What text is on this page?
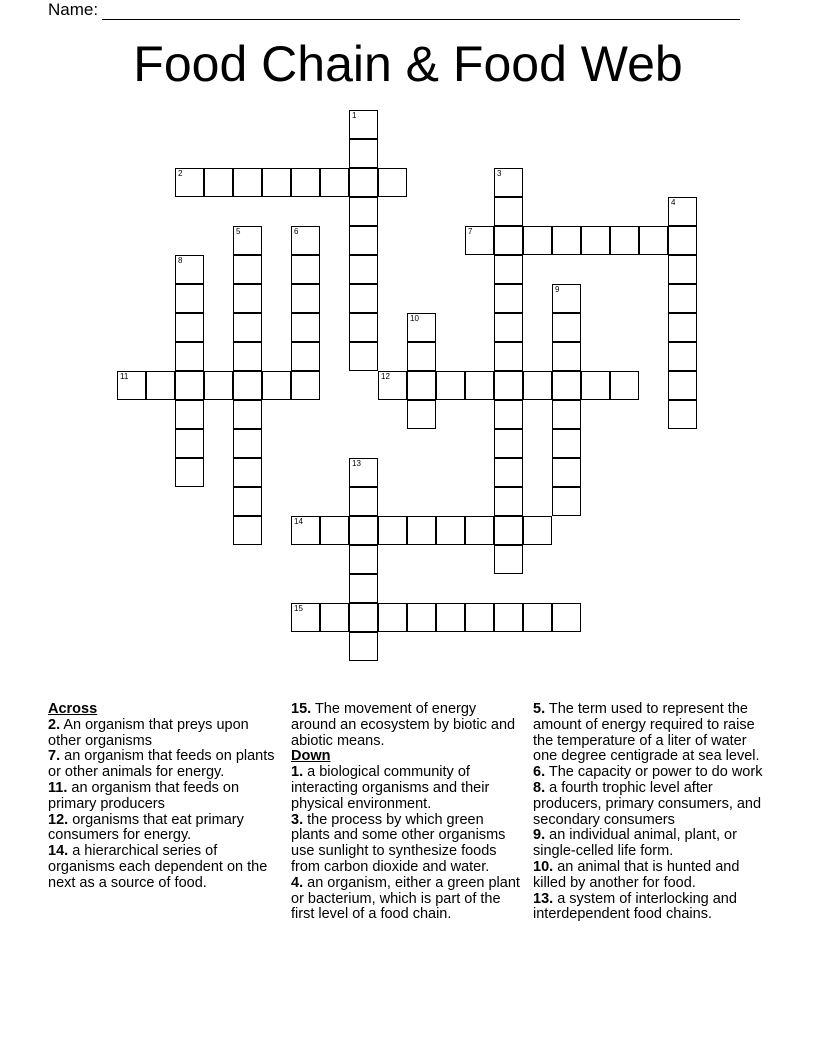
Name:
Food Chain & Food Web
1
2	3
4
5	6	7
8
9
10
11	12
13
14
15
Across
2. An organism that preys upon other organisms
7. an organism that feeds on plants or other animals for energy.
11. an organism that feeds on primary producers
12. organisms that eat primary consumers for energy.
14. a hierarchical series of organisms each dependent on the next as a source of food.
15. The movement of energy around an ecosystem by biotic and abiotic means.
Down
1. a biological community of interacting organisms and their physical environment.
3. the process by which green plants and some other organisms use sunlight to synthesize foods from carbon dioxide and water.
4. an organism, either a green plant or bacterium, which is part of the first level of a food chain.
5. The term used to represent the amount of energy required to raise the temperature of a liter of water one degree centigrade at sea level.
6. The capacity or power to do work
8. a fourth trophic level after producers, primary consumers, and secondary consumers
9. an individual animal, plant, or single-celled life form.
10. an animal that is hunted and killed by another for food.
13. a system of interlocking and interdependent food chains.
